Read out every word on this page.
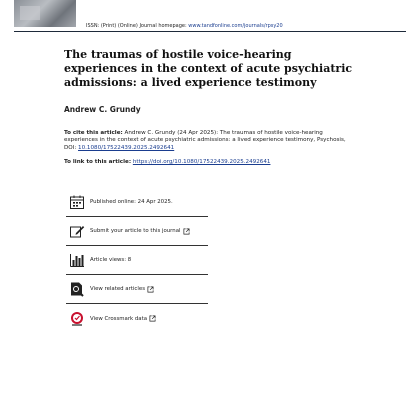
ISSN: (Print) (Online) Journal homepage: www.tandfonline.com/journals/rpsy20
The traumas of hostile voice-hearing experiences in the context of acute psychiatric admissions: a lived experience testimony
Andrew C. Grundy
To cite this article: Andrew C. Grundy (24 Apr 2025): The traumas of hostile voice-hearing experiences in the context of acute psychiatric admissions: a lived experience testimony, Psychosis, DOI: 10.1080/17522439.2025.2492641
To link to this article: https://doi.org/10.1080/17522439.2025.2492641
Published online: 24 Apr 2025.
Submit your article to this journal
Article views: 8
View related articles
View Crossmark data
